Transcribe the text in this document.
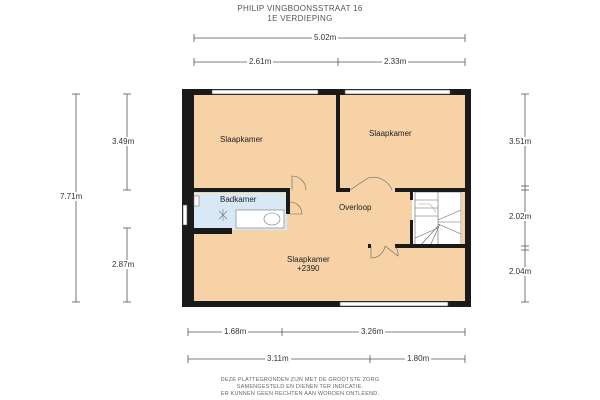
PHILIP VINGBOONSSTRAAT 16
1E VERDIEPING
5.02m
2.61m	2.33m
7.71m
3.49m
2.87m
3.51m
2.02m
2.04m
1.68m	3.26m
3.11m	1.80m
Slaapkamer
Slaapkamer
Badkamer
Overloop
Slaapkamer
+2390
DEZE PLATTEGRONDEN ZIJN MET DE GROOTSTE ZORG
SAMENGESTELD EN DIENEN TER INDICATIE.
ER KUNNEN GEEN RECHTEN AAN WORDEN ONTLEEND.
